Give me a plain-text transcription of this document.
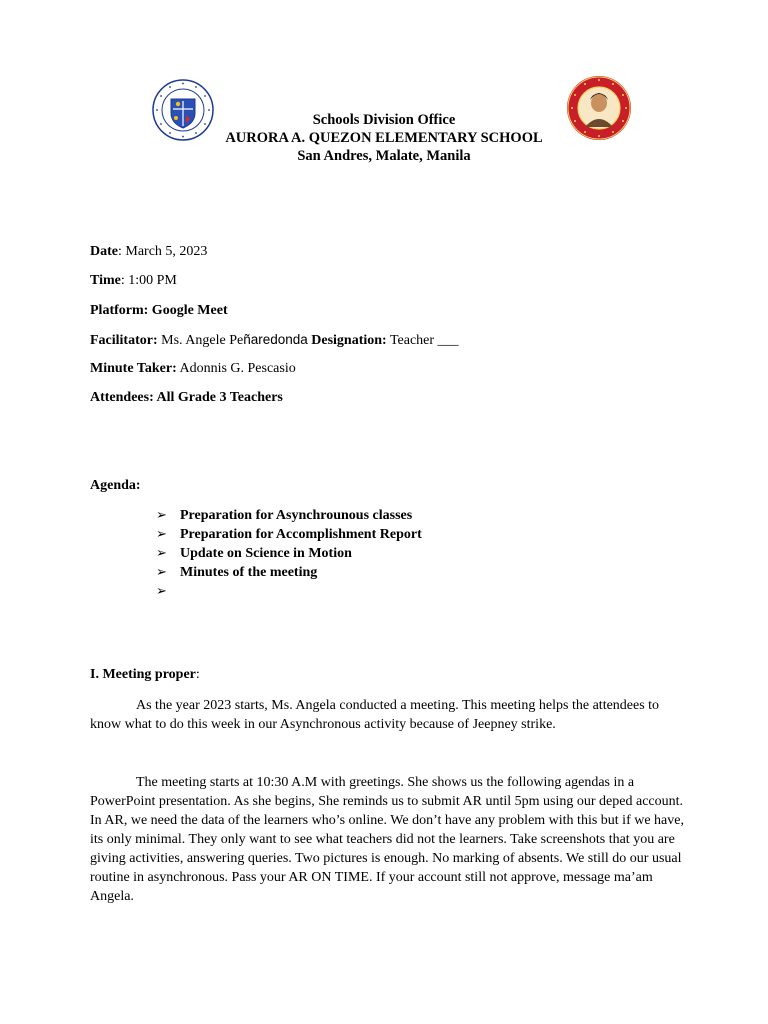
Schools Division Office
AURORA A. QUEZON ELEMENTARY SCHOOL
San Andres, Malate, Manila
Date: March 5, 2023
Time: 1:00 PM
Platform: Google Meet
Facilitator: Ms. Angele Peñaredonda Designation: Teacher ___
Minute Taker: Adonnis G. Pescasio
Attendees: All Grade 3 Teachers
Agenda:
➢ Preparation for Asynchrounous classes
➢ Preparation for Accomplishment Report
➢ Update on Science in Motion
➢ Minutes of the meeting
➢
I. Meeting proper:
As the year 2023 starts, Ms. Angela conducted a meeting. This meeting helps the attendees to know what to do this week in our Asynchronous activity because of Jeepney strike.
The meeting starts at 10:30 A.M with greetings. She shows us the following agendas in a PowerPoint presentation. As she begins, She reminds us to submit AR until 5pm using our deped account. In AR, we need the data of the learners who’s online. We don’t have any problem with this but if we have, its only minimal. They only want to see what teachers did not the learners. Take screenshots that you are giving activities, answering queries. Two pictures is enough. No marking of absents. We still do our usual routine in asynchronous. Pass your AR ON TIME. If your account still not approve, message ma’am Angela.
